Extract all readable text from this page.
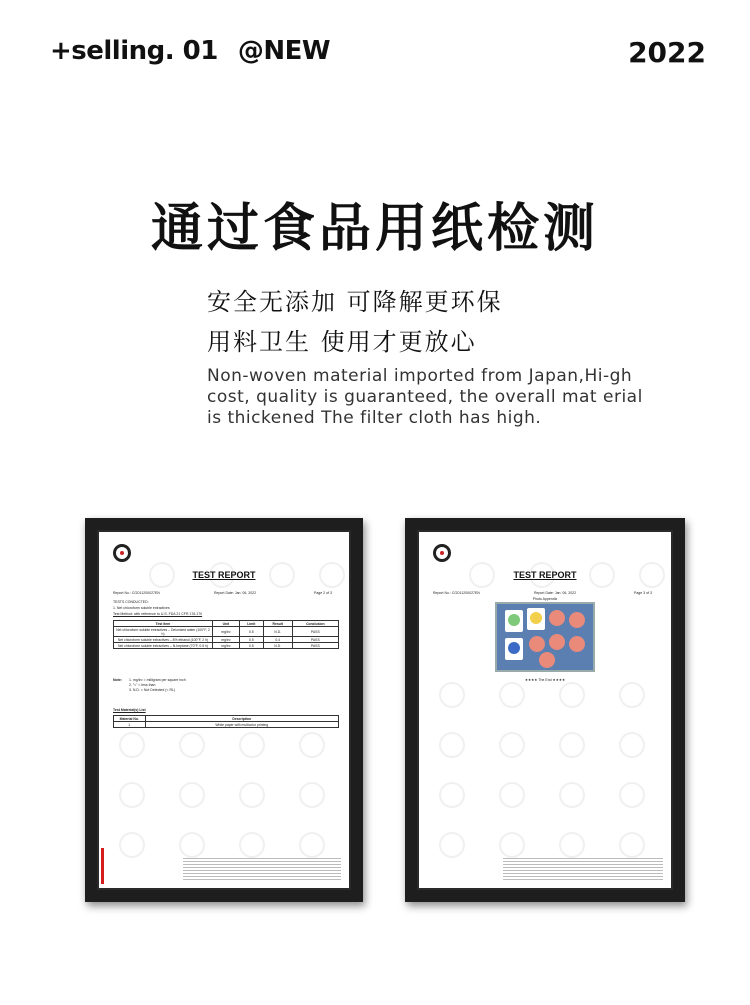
+selling. 01 @NEW	2022
通过食品用纸检测
安全无添加 可降解更环保
用料卫生 使用才更放心
Non-woven material imported from Japan,Hi-gh cost, quality is guaranteed, the overall mat erial is thickened The filter cloth has high.
TEST REPORT
Report No.: CGD11200027EN	Report Date: Jan. 06, 2022	Page 2 of 3
TESTS CONDUCTED:
1. Net chloroform soluble extractives
Test Method: with reference to U.S. FDA 21 CFR 176.170
Test Item	Unit	Limit	Result	Conclusion
Net chloroform soluble extractives – Deionized water (100°F, 2 h)	mg/in²	0.5	N.D.	PASS
Net chloroform soluble extractives – 8% ethanol (100°F, 2 h)	mg/in²	0.5	0.4	PASS
Net chloroform soluble extractives – N-heptane (70°F, 0.5 h)	mg/in²	0.5	N.D.	PASS
Note: 1. mg/in² = milligram per square inch
2. "<" = less than
3. N.D. = Not Detected (< RL)
Test Material(s) List
Material No.	Description
1	White paper with multicolor printing
TEST REPORT
Report No.: CGD11200027EN	Report Date: Jan. 06, 2022	Page 3 of 3
Photo Appendix
★★★★ The End ★★★★
